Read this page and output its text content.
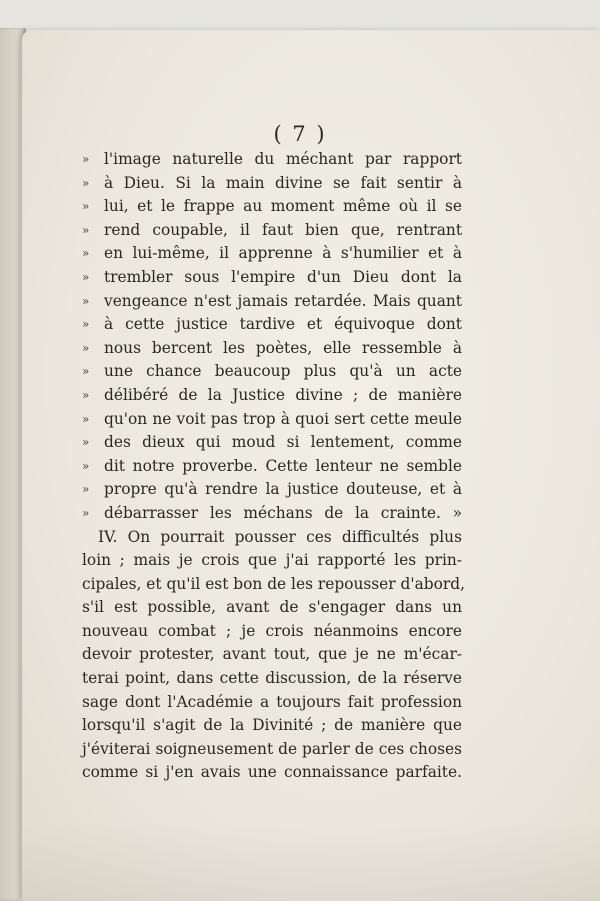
( 7 )
» l'image naturelle du méchant par rapport
» à Dieu. Si la main divine se fait sentir à
» lui, et le frappe au moment même où il se
» rend coupable, il faut bien que, rentrant
» en lui-même, il apprenne à s'humilier et à
» trembler sous l'empire d'un Dieu dont la
» vengeance n'est jamais retardée. Mais quant
» à cette justice tardive et équivoque dont
» nous bercent les poètes, elle ressemble à
» une chance beaucoup plus qu'à un acte
» délibéré de la Justice divine ; de manière
» qu'on ne voit pas trop à quoi sert cette meule
» des dieux qui moud si lentement, comme
» dit notre proverbe. Cette lenteur ne semble
» propre qu'à rendre la justice douteuse, et à
» débarrasser les méchans de la crainte. »
IV. On pourrait pousser ces difficultés plus
loin ; mais je crois que j'ai rapporté les prin-
cipales, et qu'il est bon de les repousser d'abord,
s'il est possible, avant de s'engager dans un
nouveau combat ; je crois néanmoins encore
devoir protester, avant tout, que je ne m'écar-
terai point, dans cette discussion, de la réserve
sage dont l'Académie a toujours fait profession
lorsqu'il s'agit de la Divinité ; de manière que
j'éviterai soigneusement de parler de ces choses
comme si j'en avais une connaissance parfaite.
